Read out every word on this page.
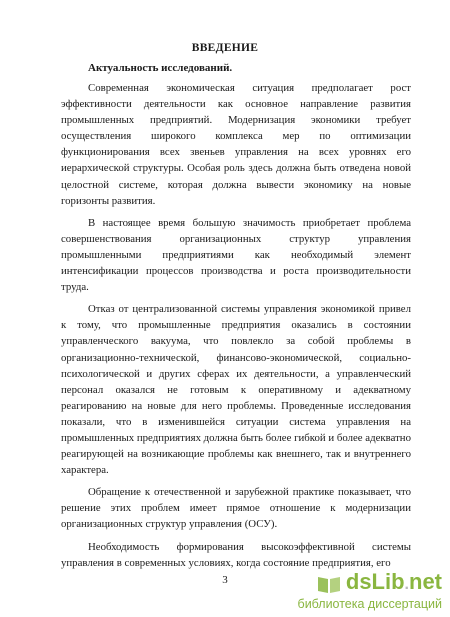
ВВЕДЕНИЕ
Актуальность исследований.

Современная экономическая ситуация предполагает рост эффективности деятельности как основное направление развития промышленных предприятий. Модернизация экономики требует осуществления широкого комплекса мер по оптимизации функционирования всех звеньев управления на всех уровнях его иерархической структуры. Особая роль здесь должна быть отведена новой целостной системе, которая должна вывести экономику на новые горизонты развития.

В настоящее время большую значимость приобретает проблема совершенствования организационных структур управления промышленными предприятиями как необходимый элемент интенсификации процессов производства и роста производительности труда.

Отказ от централизованной системы управления экономикой привел к тому, что промышленные предприятия оказались в состоянии управленческого вакуума, что повлекло за собой проблемы в организационно-технической, финансово-экономической, социально-психологической и других сферах их деятельности, а управленческий персонал оказался не готовым к оперативному и адекватному реагированию на новые для него проблемы. Проведенные исследования показали, что в изменившейся ситуации система управления на промышленных предприятиях должна быть более гибкой и более адекватно реагирующей на возникающие проблемы как внешнего, так и внутреннего характера.

Обращение к отечественной и зарубежной практике показывает, что решение этих проблем имеет прямое отношение к модернизации организационных структур управления (ОСУ).

Необходимость формирования высокоэффективной системы управления в современных условиях, когда состояние предприятия, его

3	dsLib.net
библиотека диссертаций
